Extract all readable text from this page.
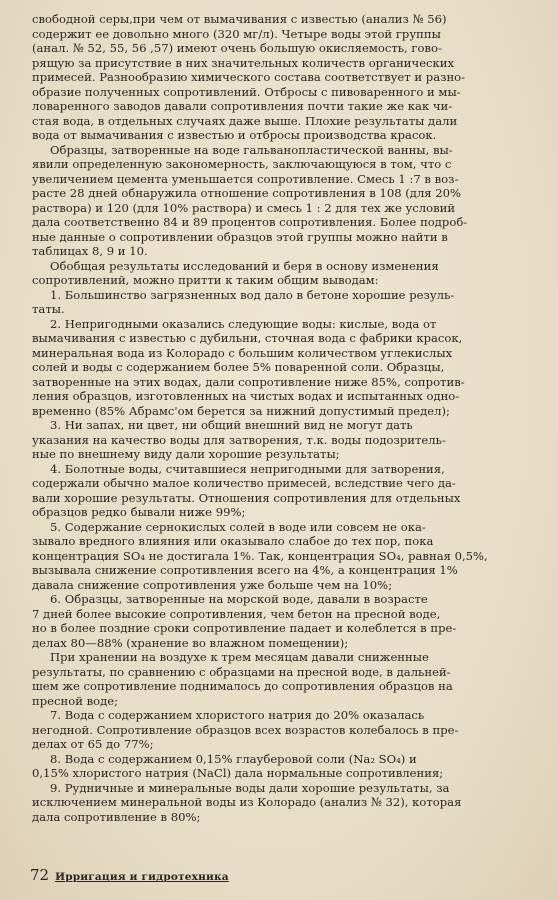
свободной серы,при чем от вымачивания с известью (анализ № 56)
содержит ее довольно много (320 мг/л). Четыре воды этой группы
(анал. № 52, 55, 56 ,57) имеют очень большую окисляемость, гово-
рящую за присутствие в них значительных количеств органических
примесей. Разнообразию химического состава соответствует и разно-
образие полученных сопротивлений. Отбросы с пивоваренного и мы-
ловаренного заводов давали сопротивления почти такие же как чи-
стая вода, в отдельных случаях даже выше. Плохие результаты дали
вода от вымачивания с известью и отбросы производства красок.
Образцы, затворенные на воде гальванопластической ванны, вы-
явили определенную закономерность, заключающуюся в том, что с
увеличением цемента уменьшается сопротивление. Смесь 1 :7 в воз-
расте 28 дней обнаружила отношение сопротивления в 108 (для 20%
раствора) и 120 (для 10% раствора) и смесь 1 : 2 для тех же условий
дала соответственно 84 и 89 процентов сопротивления. Более подроб-
ные данные о сопротивлении образцов этой группы можно найти в
таблицах 8, 9 и 10.
Обобщая результаты исследований и беря в основу изменения
сопротивлений, можно притти к таким общим выводам:
1. Большинство загрязненных вод дало в бетоне хорошие резуль-
таты.
2. Непригодными оказались следующие воды: кислые, вода от
вымачивания с известью с дубильни, сточная вода с фабрики красок,
минеральная вода из Колорадо с большим количеством углекислых
солей и воды с содержанием более 5% поваренной соли. Образцы,
затворенные на этих водах, дали сопротивление ниже 85%, сопротив-
ления образцов, изготовленных на чистых водах и испытанных одно-
временно (85% Абрамс'ом берется за нижний допустимый предел);
3. Ни запах, ни цвет, ни общий внешний вид не могут дать
указания на качество воды для затворения, т.к. воды подозритель-
ные по внешнему виду дали хорошие результаты;
4. Болотные воды, считавшиеся непригодными для затворения,
содержали обычно малое количество примесей, вследствие чего да-
вали хорошие результаты. Отношения сопротивления для отдельных
образцов редко бывали ниже 99%;
5. Содержание сернокислых солей в воде или совсем не ока-
зывало вредного влияния или оказывало слабое до тех пор, пока
концентрация SO₄ не достигала 1%. Так, концентрация SO₄, равная 0,5%,
вызывала снижение сопротивления всего на 4%, а концентрация 1%
давала снижение сопротивления уже больше чем на 10%;
6. Образцы, затворенные на морской воде, давали в возрасте
7 дней более высокие сопротивления, чем бетон на пресной воде,
но в более поздние сроки сопротивление падает и колеблется в пре-
делах 80—88% (хранение во влажном помещении);
При хранении на воздухе к трем месяцам давали сниженные
результаты, по сравнению с образцами на пресной воде, в дальней-
шем же сопротивление поднималось до сопротивления образцов на
пресной воде;
7. Вода с содержанием хлористого натрия до 20% оказалась
негодной. Сопротивление образцов всех возрастов колебалось в пре-
делах от 65 до 77%;
8. Вода с содержанием 0,15% глауберовой соли (Na₂ SO₄) и
0,15% хлористого натрия (NaCl) дала нормальные сопротивления;
9. Рудничные и минеральные воды дали хорошие результаты, за
исключением минеральной воды из Колорадо (анализ № 32), которая
дала сопротивление в 80%;
72 Ирригация и гидротехника
